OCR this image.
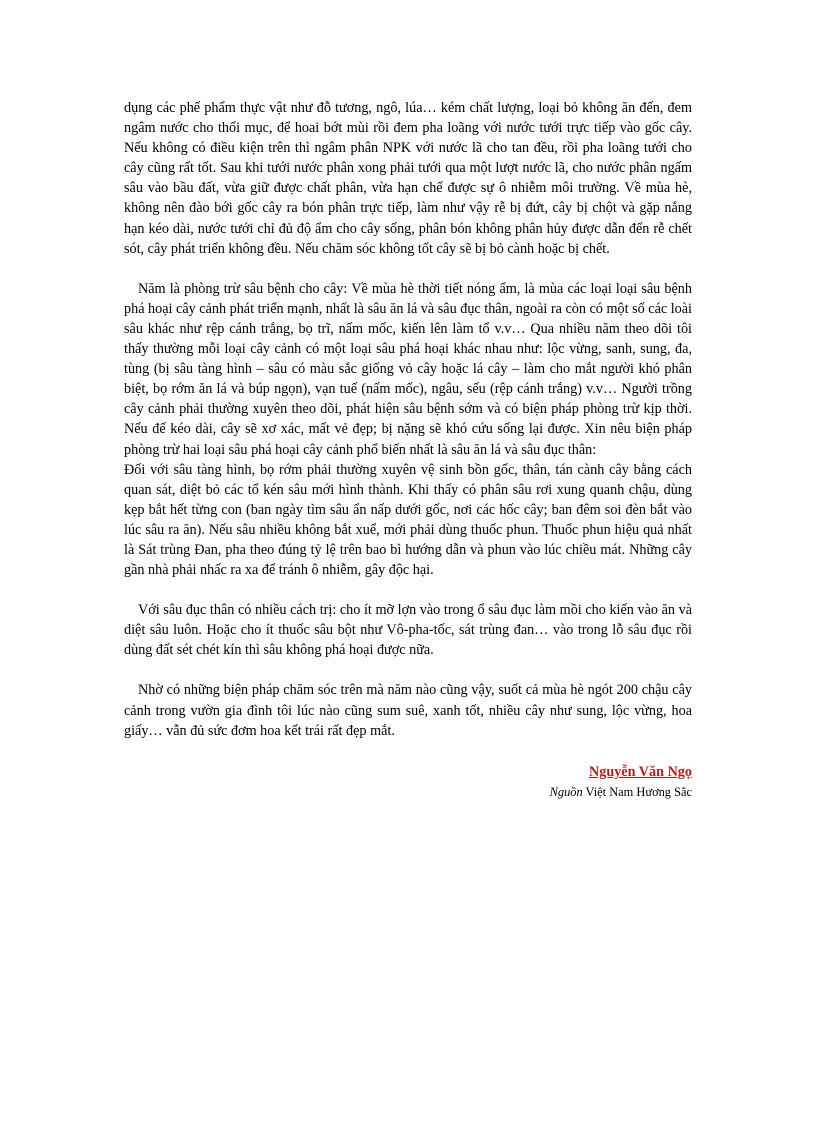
dụng các phế phẩm thực vật như đỗ tương, ngô, lúa… kém chất lượng, loại bỏ không ăn đến, đem ngâm nước cho thối mục, để hoai bớt mùi rồi đem pha loãng với nước tưới trực tiếp vào gốc cây. Nếu không có điều kiện trên thì ngâm phân NPK với nước lã cho tan đều, rồi pha loãng tưới cho cây cũng rất tốt. Sau khi tưới nước phân xong phải tưới qua một lượt nước lã, cho nước phân ngấm sâu vào bầu đất, vừa giữ được chất phân, vừa hạn chế được sự ô nhiễm môi trường. Về mùa hè, không nên đào bới gốc cây ra bón phân trực tiếp, làm như vậy rễ bị đứt, cây bị chột và gặp nắng hạn kéo dài, nước tưới chỉ đủ độ ẩm cho cây sống, phân bón không phân hủy được dẫn đến rễ chết sót, cây phát triển không đều. Nếu chăm sóc không tốt cây sẽ bị bỏ cành hoặc bị chết.

Năm là phòng trừ sâu bệnh cho cây: Về mùa hè thời tiết nóng ẩm, là mùa các loại loại sâu bệnh phá hoại cây cảnh phát triển mạnh, nhất là sâu ăn lá và sâu đục thân, ngoài ra còn có một số các loài sâu khác như rệp cánh trắng, bọ trĩ, nấm mốc, kiến lên làm tổ v.v… Qua nhiều năm theo dõi tôi thấy thường mỗi loại cây cảnh có một loại sâu phá hoại khác nhau như: lộc vừng, sanh, sung, đa, tùng (bị sâu tàng hình – sâu có màu sắc giống vỏ cây hoặc lá cây – làm cho mắt người khó phân biệt, bọ rớm ăn lá và búp ngọn), vạn tuế (nấm mốc), ngâu, sếu (rệp cánh trắng) v.v… Người trồng cây cảnh phải thường xuyên theo dõi, phát hiện sâu bệnh sớm và có biện pháp phòng trừ kịp thời. Nếu để kéo dài, cây sẽ xơ xác, mất vẻ đẹp; bị nặng sẽ khó cứu sống lại được. Xin nêu biện pháp phòng trừ hai loại sâu phá hoại cây cảnh phổ biến nhất là sâu ăn lá và sâu đục thân:

Đối với sâu tàng hình, bọ rớm phải thường xuyên vệ sinh bồn gốc, thân, tán cành cây bằng cách quan sát, diệt bỏ các tổ kén sâu mới hình thành. Khi thấy có phân sâu rơi xung quanh chậu, dùng kẹp bắt hết từng con (ban ngày tìm sâu ẩn nấp dưới gốc, nơi các hốc cây; ban đêm soi đèn bắt vào lúc sâu ra ăn). Nếu sâu nhiều không bắt xuể, mới phải dùng thuốc phun. Thuốc phun hiệu quả nhất là Sát trùng Đan, pha theo đúng tỷ lệ trên bao bì hướng dẫn và phun vào lúc chiều mát. Những cây gần nhà phải nhấc ra xa để tránh ô nhiễm, gây độc hại.

Với sâu đục thân có nhiều cách trị: cho ít mỡ lợn vào trong ổ sâu đục làm mồi cho kiến vào ăn và diệt sâu luôn. Hoặc cho ít thuốc sâu bột như Vô-pha-tốc, sát trùng đan… vào trong lỗ sâu đục rồi dùng đất sét chét kín thì sâu không phá hoại được nữa.

Nhờ có những biện pháp chăm sóc trên mà năm nào cũng vậy, suốt cả mùa hè ngót 200 chậu cây cảnh trong vườn gia đình tôi lúc nào cũng sum suê, xanh tốt, nhiều cây như sung, lộc vừng, hoa giấy… vẫn đủ sức đơm hoa kết trái rất đẹp mắt.

Nguyễn Văn Ngọ
Nguồn Việt Nam Hương Sắc
